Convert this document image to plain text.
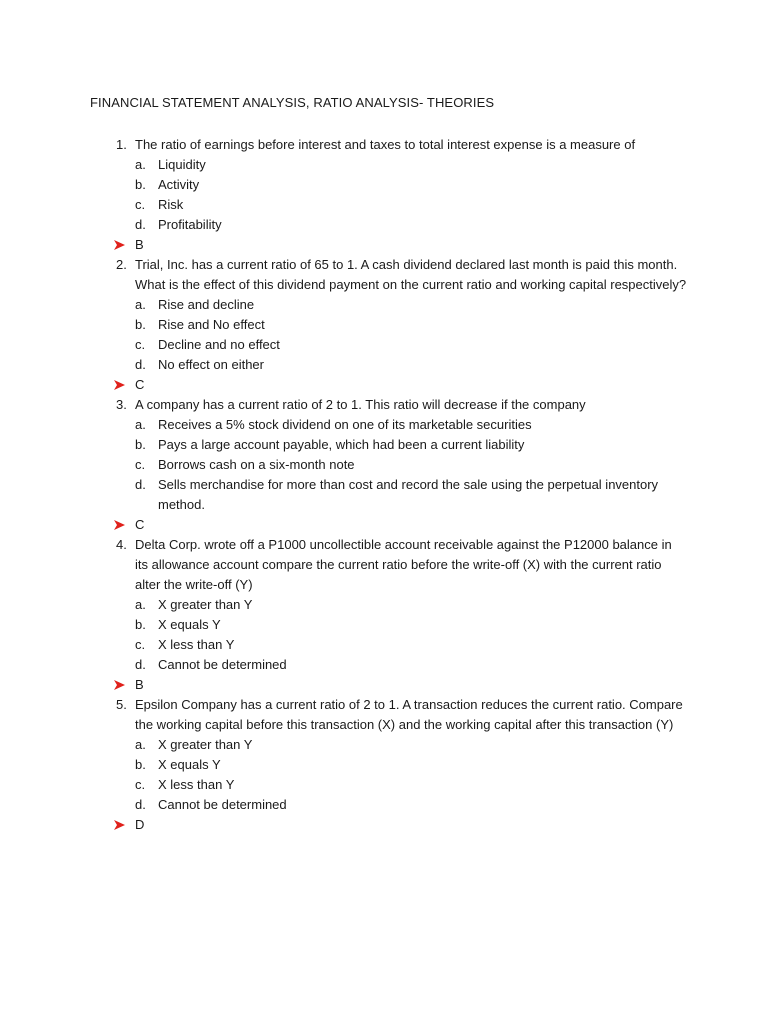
FINANCIAL STATEMENT ANALYSIS, RATIO ANALYSIS- THEORIES
1. The ratio of earnings before interest and taxes to total interest expense is a measure of
a. Liquidity
b. Activity
c. Risk
d. Profitability
B
2. Trial, Inc. has a current ratio of 65 to 1. A cash dividend declared last month is paid this month. What is the effect of this dividend payment on the current ratio and working capital respectively?
a. Rise and decline
b. Rise and No effect
c. Decline and no effect
d. No effect on either
C
3. A company has a current ratio of 2 to 1. This ratio will decrease if the company
a. Receives a 5% stock dividend on one of its marketable securities
b. Pays a large account payable, which had been a current liability
c. Borrows cash on a six-month note
d. Sells merchandise for more than cost and record the sale using the perpetual inventory method.
C
4. Delta Corp. wrote off a P1000 uncollectible account receivable against the P12000 balance in its allowance account compare the current ratio before the write-off (X) with the current ratio alter the write-off (Y)
a. X greater than Y
b. X equals Y
c. X less than Y
d. Cannot be determined
B
5. Epsilon Company has a current ratio of 2 to 1. A transaction reduces the current ratio. Compare the working capital before this transaction (X) and the working capital after this transaction (Y)
a. X greater than Y
b. X equals Y
c. X less than Y
d. Cannot be determined
D
